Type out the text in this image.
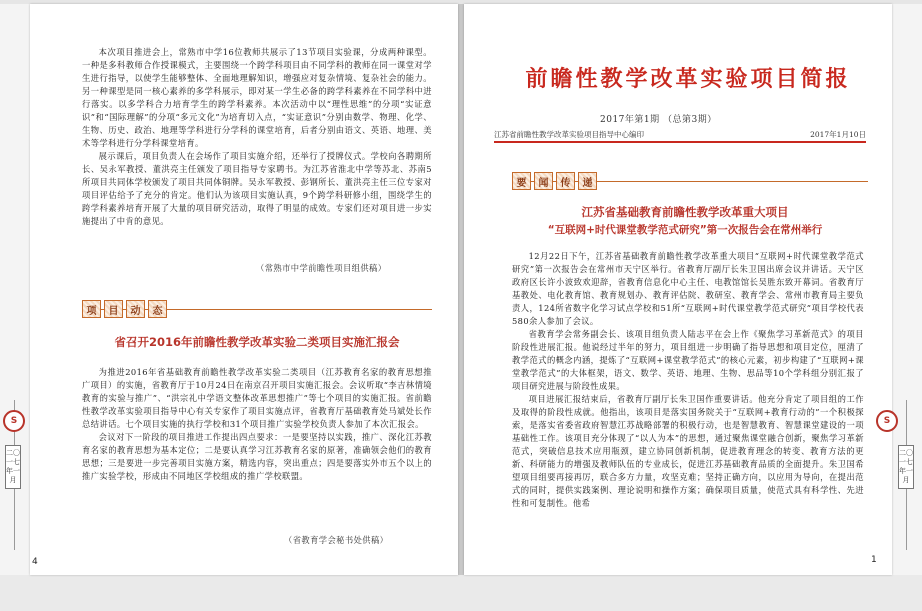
本次项目推进会上，常熟市中学16位教师共展示了13节项目实验课，分成两种课型。一种是多科教师合作授课模式，主要围绕一个跨学科项目由不同学科的教师在同一课堂对学生进行指导，以使学生能够整体、全面地理解知识，增强应对复杂情境、复杂社会的能力。另一种课型是同一核心素养的多学科展示，即对某一学生必备的跨学科素养在不同学科中进行落实。以多学科合力培育学生的跨学科素养。本次活动中以“理性思维”的分项“实证意识”和“国际理解”的分项“多元文化”为培育切入点，“实证意识”分别由数学、物理、化学、生物、历史、政治、地理等学科进行分学科的课堂培育，后者分别由语文、英语、地理、美术等学科进行分学科课堂培育。

展示课后，项目负责人在会场作了项目实施介绍，还举行了授牌仪式。学校向各聘期所长、吴永军教授、董洪亮主任颁发了项目指导专家聘书。为江苏省淮北中学等苏北、苏南5所项目共同体学校颁发了项目共同体铜牌。吴永军教授、彭钢所长、董洪亮主任三位专家对项目评估给予了充分的肯定。他们认为该项目实施认真，9个跨学科研修小组，围绕学生的跨学科素养培育开展了大量的项目研究活动，取得了明显的成效。专家们还对项目进一步实施提出了中肯的意见。

（常熟市中学前瞻性项目组供稿）
项	目	动	态
省召开2016年前瞻性教学改革实验二类项目实施汇报会

为推进2016年省基础教育前瞻性教学改革实验二类项目（江苏教育名家的教育思想推广项目）的实施，省教育厅于10月24日在南京召开项目实施汇报会。会议听取“李吉林情境教育的实验与推广”、“洪宗礼中学语文整体改革思想推广”等七个项目的实施汇报。省前瞻性教学改革实验项目指导中心有关专家作了项目实施点评，省教育厅基础教育处马斌处长作总结讲话。七个项目实施的执行学校和31个项目推广实验学校负责人参加了本次汇报会。

会议对下一阶段的项目推进工作提出四点要求：一是要坚持以实践，推广、深化江苏教育名家的教育思想为基本定位；二是要认真学习江苏教育名家的原著，准确领会他们的教育思想；三是要进一步完善项目实施方案，精选内容，突出重点；四是要落实外市五个以上的推广实验学校，形成由不同地区学校组成的推广学校联盟。

（省教育学会秘书处供稿）
4
S
二〇一七年一月
S
前瞻性教学改革实验项目简报
2017年第1期 （总第3期）
江苏省前瞻性教学改革实验项目指导中心编印	2017年1月10日
要	闻	传	递
江苏省基础教育前瞻性教学改革重大项目
“互联网+时代课堂教学范式研究”第一次报告会在常州举行

12月22日下午，江苏省基础教育前瞻性教学改革重大项目“互联网+时代课堂教学范式研究”第一次报告会在常州市天宁区举行。省教育厅副厅长朱卫国出席会议并讲话。天宁区政府区长许小波致欢迎辞，省教育信息化中心主任、电教馆馆长吴胜东致开幕词。省教育厅基教处、电化教育馆、教育规划办、教育评估院、教研室、教育学会、常州市教育局主要负责人，124所省数字化学习试点学校和51所“互联网+时代课堂教学范式研究”项目学校代表580余人参加了会议。

省教育学会常务副会长、该项目组负责人陆志平在会上作《聚焦学习革新范式》的项目阶段性进展汇报。他说经过半年的努力，项目组进一步明确了指导思想和项目定位，厘清了教学范式的概念内涵，提炼了“互联网+课堂教学范式”的核心元素，初步构建了“互联网+课堂教学范式”的大体框架，语文、数学、英语、地理、生物、思品等10个学科组分别汇报了项目研究进展与阶段性成果。

项目进展汇报结束后，省教育厅副厅长朱卫国作重要讲话。他充分肯定了项目组的工作及取得的阶段性成就。他指出，该项目是落实国务院关于“互联网+教育行动的”一个积极探索，是落实省委省政府智慧江苏战略部署的积极行动，也是智慧教育、智慧课堂建设的一项基础性工作。该项目充分体现了“以人为本”的思想，通过聚焦课堂融合创新，聚焦学习革新范式，突破信息技术应用瓶颈，建立协同创新机制，促进教育理念的转变、教育方法的更新、科研能力的增强及教师队伍的专业成长，促进江苏基础教育品质的全面提升。朱卫国希望项目组要再接再厉，联合多方力量，攻坚克难；坚持正确方向，以应用为导向，在提出范式的同时，提供实践案例、理论说明和操作方案；确保项目质量，使范式具有科学性、先进性和可复制性。他希

1
二〇一七年一月
